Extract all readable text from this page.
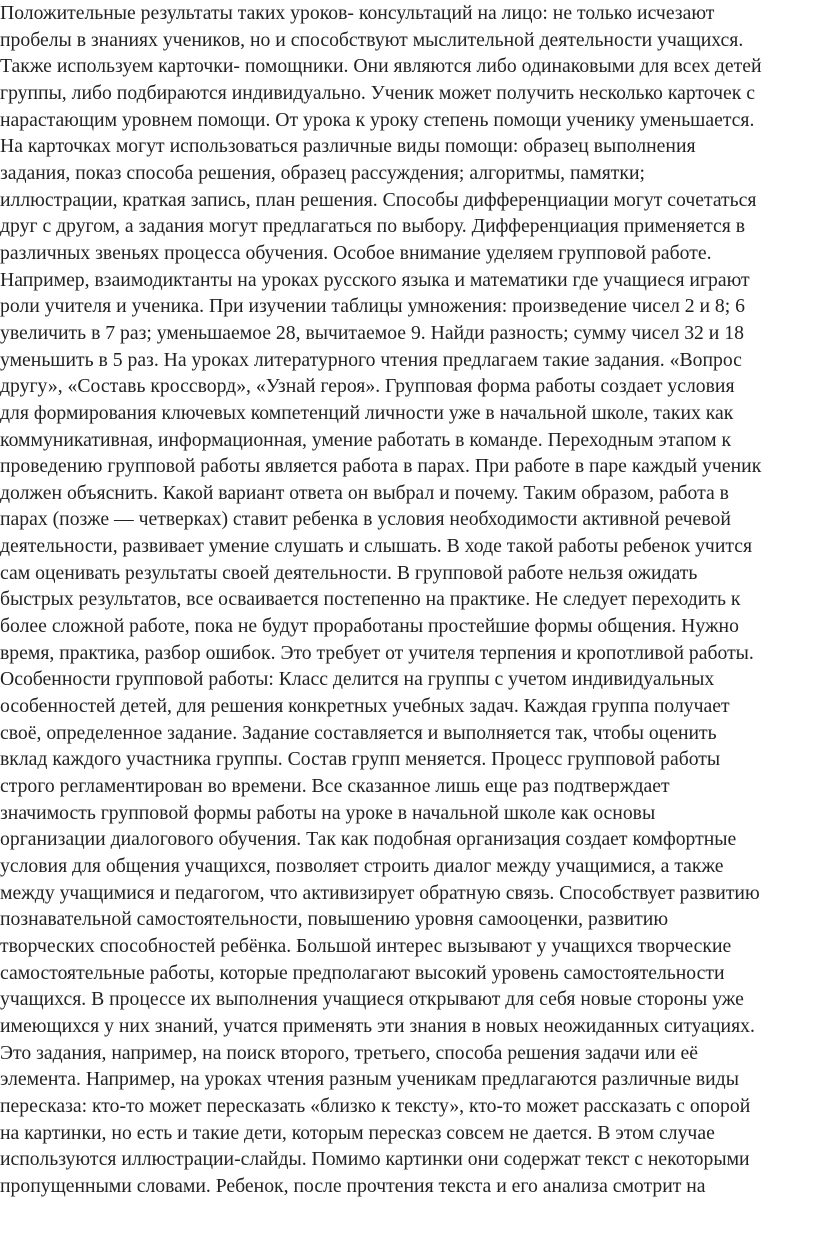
Положительные результаты таких уроков- консультаций на лицо: не только исчезают
пробелы в знаниях учеников, но и способствуют мыслительной деятельности учащихся.
Также используем карточки- помощники. Они являются либо одинаковыми для всех детей
группы, либо подбираются индивидуально. Ученик может получить несколько карточек с
нарастающим уровнем помощи. От урока к уроку степень помощи ученику уменьшается.
На карточках могут использоваться различные виды помощи: образец выполнения
задания, показ способа решения, образец рассуждения; алгоритмы, памятки;
иллюстрации, краткая запись, план решения. Способы дифференциации могут сочетаться
друг с другом, а задания могут предлагаться по выбору. Дифференциация применяется в
различных звеньях процесса обучения. Особое внимание уделяем групповой работе.
Например, взаимодиктанты на уроках русского языка и математики где учащиеся играют
роли учителя и ученика. При изучении таблицы умножения: произведение чисел 2 и 8; 6
увеличить в 7 раз; уменьшаемое 28, вычитаемое 9. Найди разность; сумму чисел 32 и 18
уменьшить в 5 раз. На уроках литературного чтения предлагаем такие задания. «Вопрос
другу», «Составь кроссворд», «Узнай героя». Групповая форма работы создает условия
для формирования ключевых компетенций личности уже в начальной школе, таких как
коммуникативная, информационная, умение работать в команде. Переходным этапом к
проведению групповой работы является работа в парах. При работе в паре каждый ученик
должен объяснить. Какой вариант ответа он выбрал и почему. Таким образом, работа в
парах (позже — четверках) ставит ребенка в условия необходимости активной речевой
деятельности, развивает умение слушать и слышать. В ходе такой работы ребенок учится
сам оценивать результаты своей деятельности. В групповой работе нельзя ожидать
быстрых результатов, все осваивается постепенно на практике. Не следует переходить к
более сложной работе, пока не будут проработаны простейшие формы общения. Нужно
время, практика, разбор ошибок. Это требует от учителя терпения и кропотливой работы.
Особенности групповой работы: Класс делится на группы с учетом индивидуальных
особенностей детей, для решения конкретных учебных задач. Каждая группа получает
своё, определенное задание. Задание составляется и выполняется так, чтобы оценить
вклад каждого участника группы. Состав групп меняется. Процесс групповой работы
строго регламентирован во времени. Все сказанное лишь еще раз подтверждает
значимость групповой формы работы на уроке в начальной школе как основы
организации диалогового обучения. Так как подобная организация создает комфортные
условия для общения учащихся, позволяет строить диалог между учащимися, а также
между учащимися и педагогом, что активизирует обратную связь. Способствует развитию
познавательной самостоятельности, повышению уровня самооценки, развитию
творческих способностей ребёнка. Большой интерес вызывают у учащихся творческие
самостоятельные работы, которые предполагают высокий уровень самостоятельности
учащихся. В процессе их выполнения учащиеся открывают для себя новые стороны уже
имеющихся у них знаний, учатся применять эти знания в новых неожиданных ситуациях.
Это задания, например, на поиск второго, третьего, способа решения задачи или её
элемента. Например, на уроках чтения разным ученикам предлагаются различные виды
пересказа: кто-то может пересказать «близко к тексту», кто-то может рассказать с опорой
на картинки, но есть и такие дети, которым пересказ совсем не дается. В этом случае
используются иллюстрации-слайды. Помимо картинки они содержат текст с некоторыми
пропущенными словами. Ребенок, после прочтения текста и его анализа смотрит на
